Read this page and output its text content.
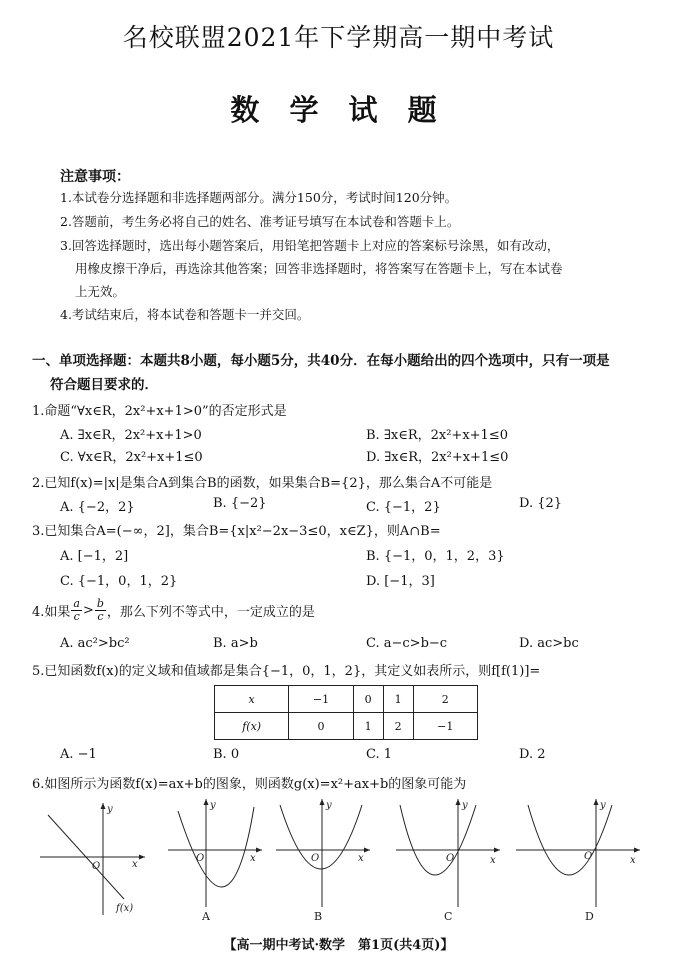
名校联盟2021年下学期高一期中考试
数 学 试 题
注意事项：
1.本试卷分选择题和非选择题两部分。满分150分，考试时间120分钟。
2.答题前，考生务必将自己的姓名、准考证号填写在本试卷和答题卡上。
3.回答选择题时，选出每小题答案后，用铅笔把答题卡上对应的答案标号涂黑，如有改动，
用橡皮擦干净后，再选涂其他答案；回答非选择题时，将答案写在答题卡上，写在本试卷
上无效。
4.考试结束后，将本试卷和答题卡一并交回。
一、单项选择题：本题共8小题，每小题5分，共40分．在每小题给出的四个选项中，只有一项是
符合题目要求的．
1.命题“∀x∈R，2x²+x+1>0”的否定形式是
A. ∃x∈R，2x²+x+1>0	B. ∃x∈R，2x²+x+1≤0
C. ∀x∈R，2x²+x+1≤0	D. ∃x∈R，2x²+x+1≤0
2.已知f(x)=|x|是集合A到集合B的函数，如果集合B={2}，那么集合A不可能是
A. {−2，2}	B. {−2}	C. {−1，2}	D. {2}
3.已知集合A=(−∞，2]，集合B={x|x²−2x−3≤0，x∈Z}，则A∩B=
A. [−1，2]	B. {−1，0，1，2，3}
C. {−1，0，1，2}	D. [−1，3]
4.如果 $\frac{a}{c} > \frac{b}{c}$ ，那么下列不等式中，一定成立的是
A. ac²>bc²	B. a>b	C. a−c>b−c	D. ac>bc
5.已知函数f(x)的定义域和值域都是集合{−1，0，1，2}，其定义如表所示，则f[f(1)]=
x	−1	0	1	2
f(x)	0	1	2	−1
A. −1	B. 0	C. 1	D. 2
6.如图所示为函数f(x)=ax+b的图象，则函数g(x)=x²+ax+b的图象可能为
O	x
y
f(x)
O	x
y
A
O	x
y
B
O	x
y
C
O	x
y
D
【高一期中考试·数学　第1页(共4页)】
